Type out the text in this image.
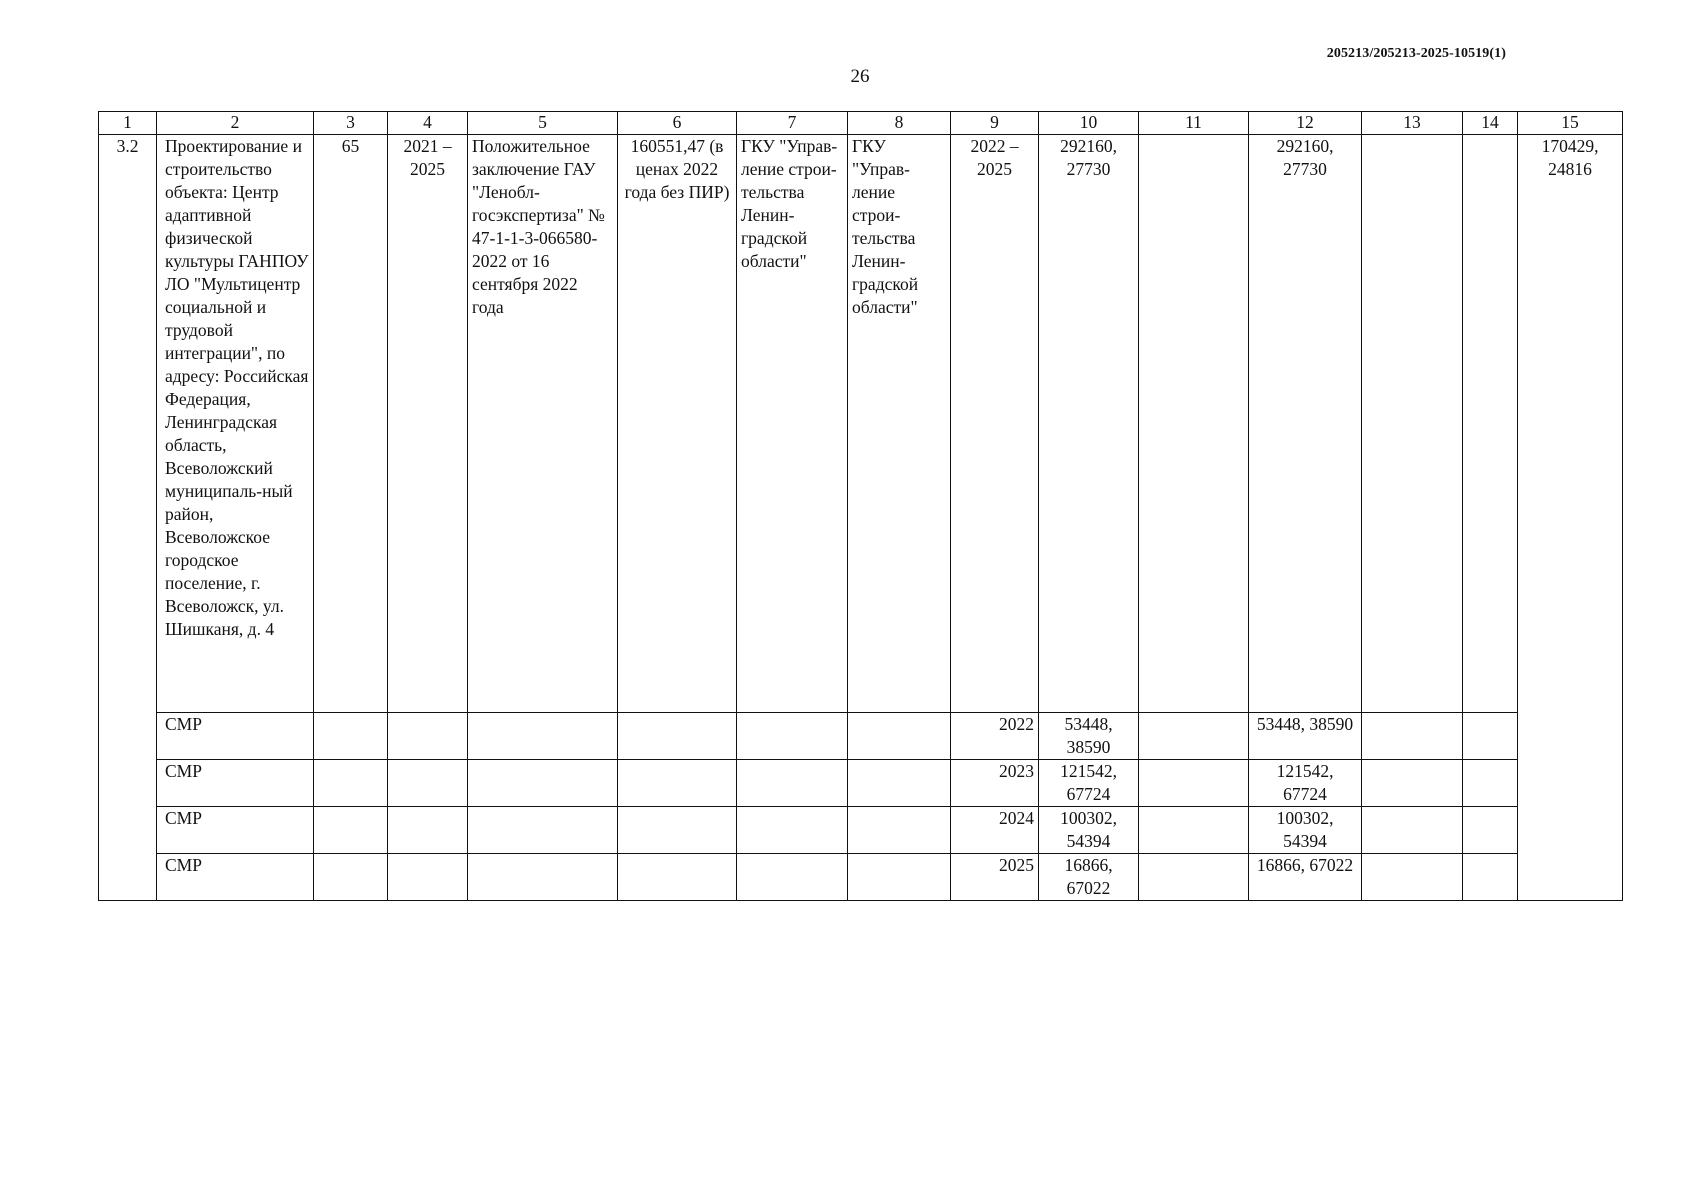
205213/205213-2025-10519(1)
26
1	2	3	4	5	6	7	8	9	10	11	12	13	14	15
3.2	Проектирование и строительство объекта: Центр адаптивной физической культуры ГАНПОУ ЛО "Мультицентр социальной и трудовой интеграции", по адресу: Российская Федерация, Ленинградская область, Всеволожский муниципаль-ный район, Всеволожское городское поселение, г. Всеволожск, ул. Шишканя, д. 4	65	2021 – 2025	Положительное заключение ГАУ "Ленобл-госэкспертиза" № 47-1-1-3-066580-2022 от 16 сентября 2022 года	160551,47 (в ценах 2022 года без ПИР)	ГКУ "Управ-ление строи-тельства Ленин-градской области"	ГКУ "Управ-ление строи-тельства Ленин-градской области"	2022 – 2025	292160, 27730		292160, 27730			170429, 24816
	СМР							2022	53448, 38590		53448, 38590			
	СМР							2023	121542, 67724		121542, 67724			
	СМР							2024	100302, 54394		100302, 54394			
	СМР							2025	16866, 67022		16866, 67022			
